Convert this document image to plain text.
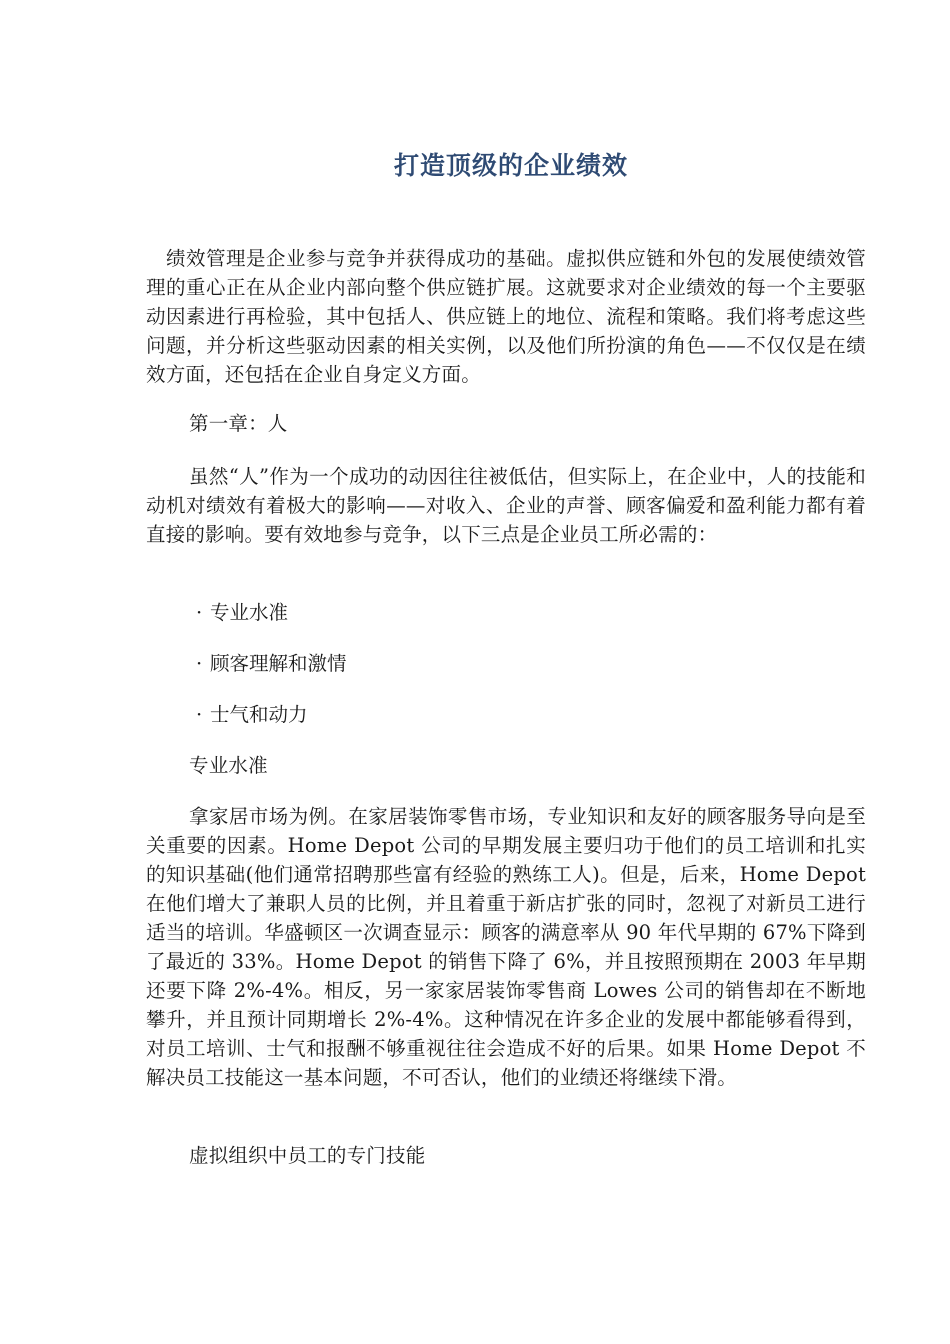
打造顶级的企业绩效
绩效管理是企业参与竞争并获得成功的基础。虚拟供应链和外包的发展使绩效管理的重心正在从企业内部向整个供应链扩展。这就要求对企业绩效的每一个主要驱动因素进行再检验，其中包括人、供应链上的地位、流程和策略。我们将考虑这些问题，并分析这些驱动因素的相关实例，以及他们所扮演的角色——不仅仅是在绩效方面，还包括在企业自身定义方面。
第一章：人
虽然“人”作为一个成功的动因往往被低估，但实际上，在企业中，人的技能和动机对绩效有着极大的影响——对收入、企业的声誉、顾客偏爱和盈利能力都有着直接的影响。要有效地参与竞争，以下三点是企业员工所必需的：
· 专业水准
· 顾客理解和激情
· 士气和动力
专业水准
拿家居市场为例。在家居装饰零售市场，专业知识和友好的顾客服务导向是至关重要的因素。Home Depot 公司的早期发展主要归功于他们的员工培训和扎实的知识基础(他们通常招聘那些富有经验的熟练工人)。但是，后来，Home Depot 在他们增大了兼职人员的比例，并且着重于新店扩张的同时，忽视了对新员工进行适当的培训。华盛顿区一次调查显示：顾客的满意率从 90 年代早期的 67%下降到了最近的 33%。Home Depot 的销售下降了 6%，并且按照预期在 2003 年早期还要下降 2%-4%。相反，另一家家居装饰零售商 Lowes 公司的销售却在不断地攀升，并且预计同期增长 2%-4%。这种情况在许多企业的发展中都能够看得到，对员工培训、士气和报酬不够重视往往会造成不好的后果。如果 Home Depot 不解决员工技能这一基本问题，不可否认，他们的业绩还将继续下滑。
虚拟组织中员工的专门技能
